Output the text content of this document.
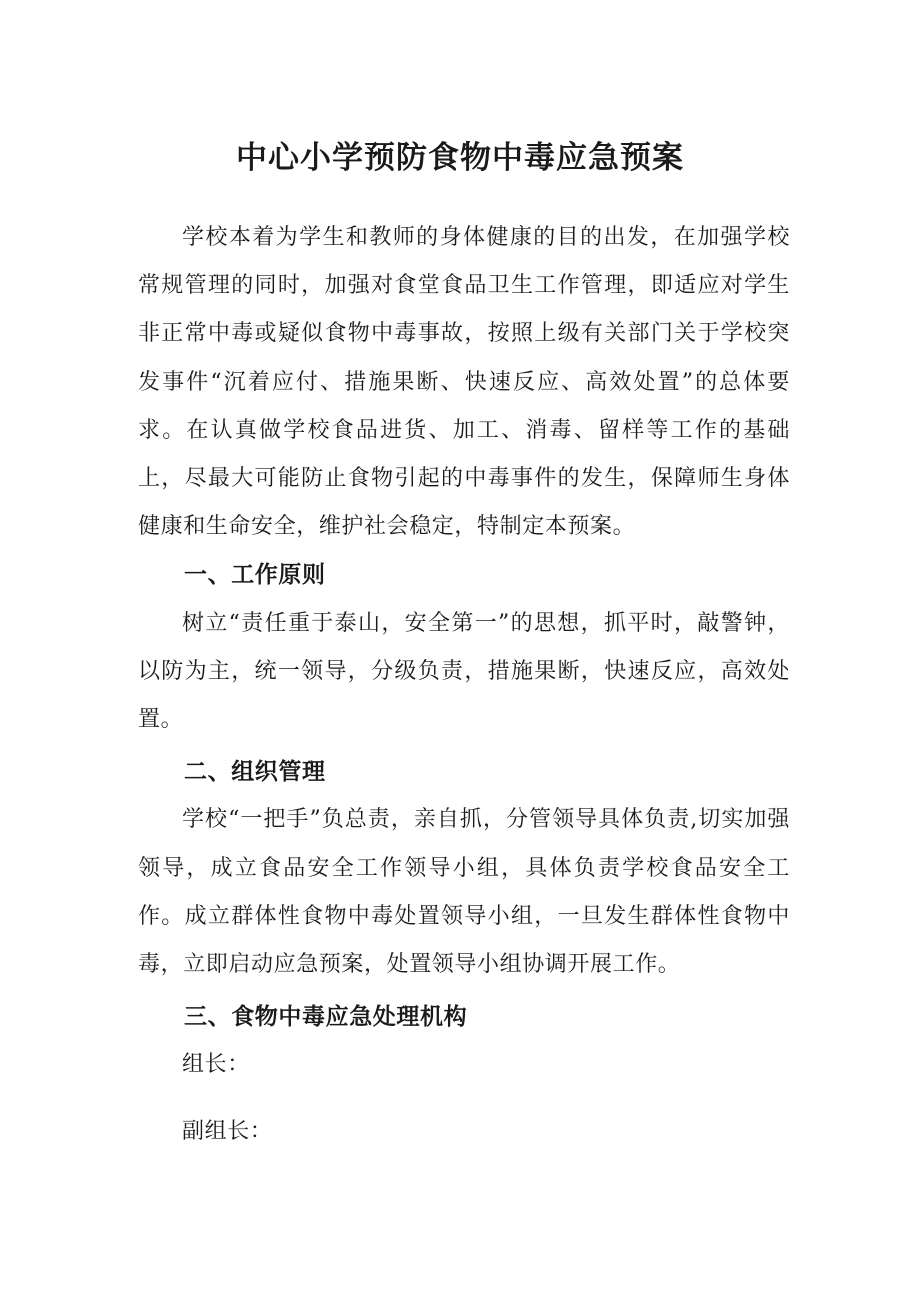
中心小学预防食物中毒应急预案

学校本着为学生和教师的身体健康的目的出发，在加强学校常规管理的同时，加强对食堂食品卫生工作管理，即适应对学生非正常中毒或疑似食物中毒事故，按照上级有关部门关于学校突发事件“沉着应付、措施果断、快速反应、高效处置”的总体要求。在认真做学校食品进货、加工、消毒、留样等工作的基础上，尽最大可能防止食物引起的中毒事件的发生，保障师生身体健康和生命安全，维护社会稳定，特制定本预案。

一、工作原则

树立“责任重于泰山，安全第一”的思想，抓平时，敲警钟，以防为主，统一领导，分级负责，措施果断，快速反应，高效处置。

二、组织管理

学校“一把手”负总责，亲自抓，分管领导具体负责,切实加强领导，成立食品安全工作领导小组，具体负责学校食品安全工作。成立群体性食物中毒处置领导小组，一旦发生群体性食物中毒，立即启动应急预案，处置领导小组协调开展工作。

三、食物中毒应急处理机构

组长：

副组长：
